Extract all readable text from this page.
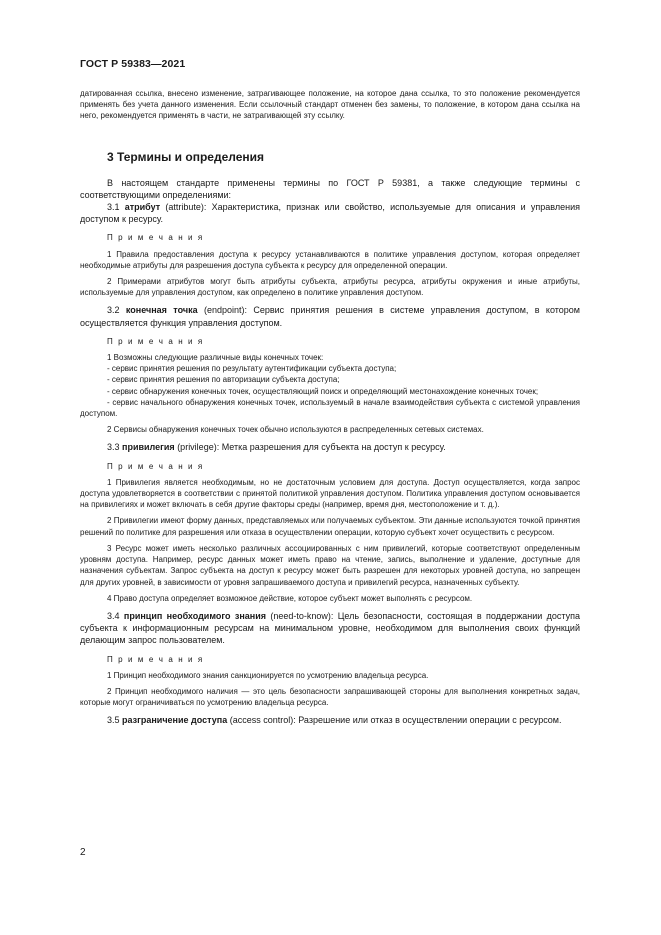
ГОСТ Р 59383—2021

датированная ссылка, внесено изменение, затрагивающее положение, на которое дана ссылка, то это положение рекомендуется применять без учета данного изменения. Если ссылочный стандарт отменен без замены, то положение, в котором дана ссылка на него, рекомендуется применять в части, не затрагивающей эту ссылку.

3 Термины и определения

В настоящем стандарте применены термины по ГОСТ Р 59381, а также следующие термины с соответствующими определениями:

3.1 атрибут (attribute): Характеристика, признак или свойство, используемые для описания и управления доступом к ресурсу.

П р и м е ч а н и я

1 Правила предоставления доступа к ресурсу устанавливаются в политике управления доступом, которая определяет необходимые атрибуты для разрешения доступа субъекта к ресурсу для определенной операции.

2 Примерами атрибутов могут быть атрибуты субъекта, атрибуты ресурса, атрибуты окружения и иные атрибуты, используемые для управления доступом, как определено в политике управления доступом.

3.2 конечная точка (endpoint): Сервис принятия решения в системе управления доступом, в котором осуществляется функция управления доступом.

П р и м е ч а н и я

1 Возможны следующие различные виды конечных точек:

- сервис принятия решения по результату аутентификации субъекта доступа;

- сервис принятия решения по авторизации субъекта доступа;

- сервис обнаружения конечных точек, осуществляющий поиск и определяющий местонахождение конечных точек;

- сервис начального обнаружения конечных точек, используемый в начале взаимодействия субъекта с системой управления доступом.

2 Сервисы обнаружения конечных точек обычно используются в распределенных сетевых системах.

3.3 привилегия (privilege): Метка разрешения для субъекта на доступ к ресурсу.

П р и м е ч а н и я

1 Привилегия является необходимым, но не достаточным условием для доступа. Доступ осуществляется, когда запрос доступа удовлетворяется в соответствии с принятой политикой управления доступом. Политика управления доступом основывается на привилегиях и может включать в себя другие факторы среды (например, время дня, местоположение и т. д.).

2 Привилегии имеют форму данных, представляемых или получаемых субъектом. Эти данные используются точкой принятия решений по политике для разрешения или отказа в осуществлении операции, которую субъект хочет осуществить с ресурсом.

3 Ресурс может иметь несколько различных ассоциированных с ним привилегий, которые соответствуют определенным уровням доступа. Например, ресурс данных может иметь право на чтение, запись, выполнение и удаление, доступные для назначения субъектам. Запрос субъекта на доступ к ресурсу может быть разрешен для некоторых уровней доступа, но запрещен для других уровней, в зависимости от уровня запрашиваемого доступа и привилегий ресурса, назначенных субъекту.

4 Право доступа определяет возможное действие, которое субъект может выполнять с ресурсом.

3.4 принцип необходимого знания (need-to-know): Цель безопасности, состоящая в поддержании доступа субъекта к информационным ресурсам на минимальном уровне, необходимом для выполнения своих функций делающим запрос пользователем.

П р и м е ч а н и я

1 Принцип необходимого знания санкционируется по усмотрению владельца ресурса.

2 Принцип необходимого наличия — это цель безопасности запрашивающей стороны для выполнения конкретных задач, которые могут ограничиваться по усмотрению владельца ресурса.

3.5 разграничение доступа (access control): Разрешение или отказ в осуществлении операции с ресурсом.

2
